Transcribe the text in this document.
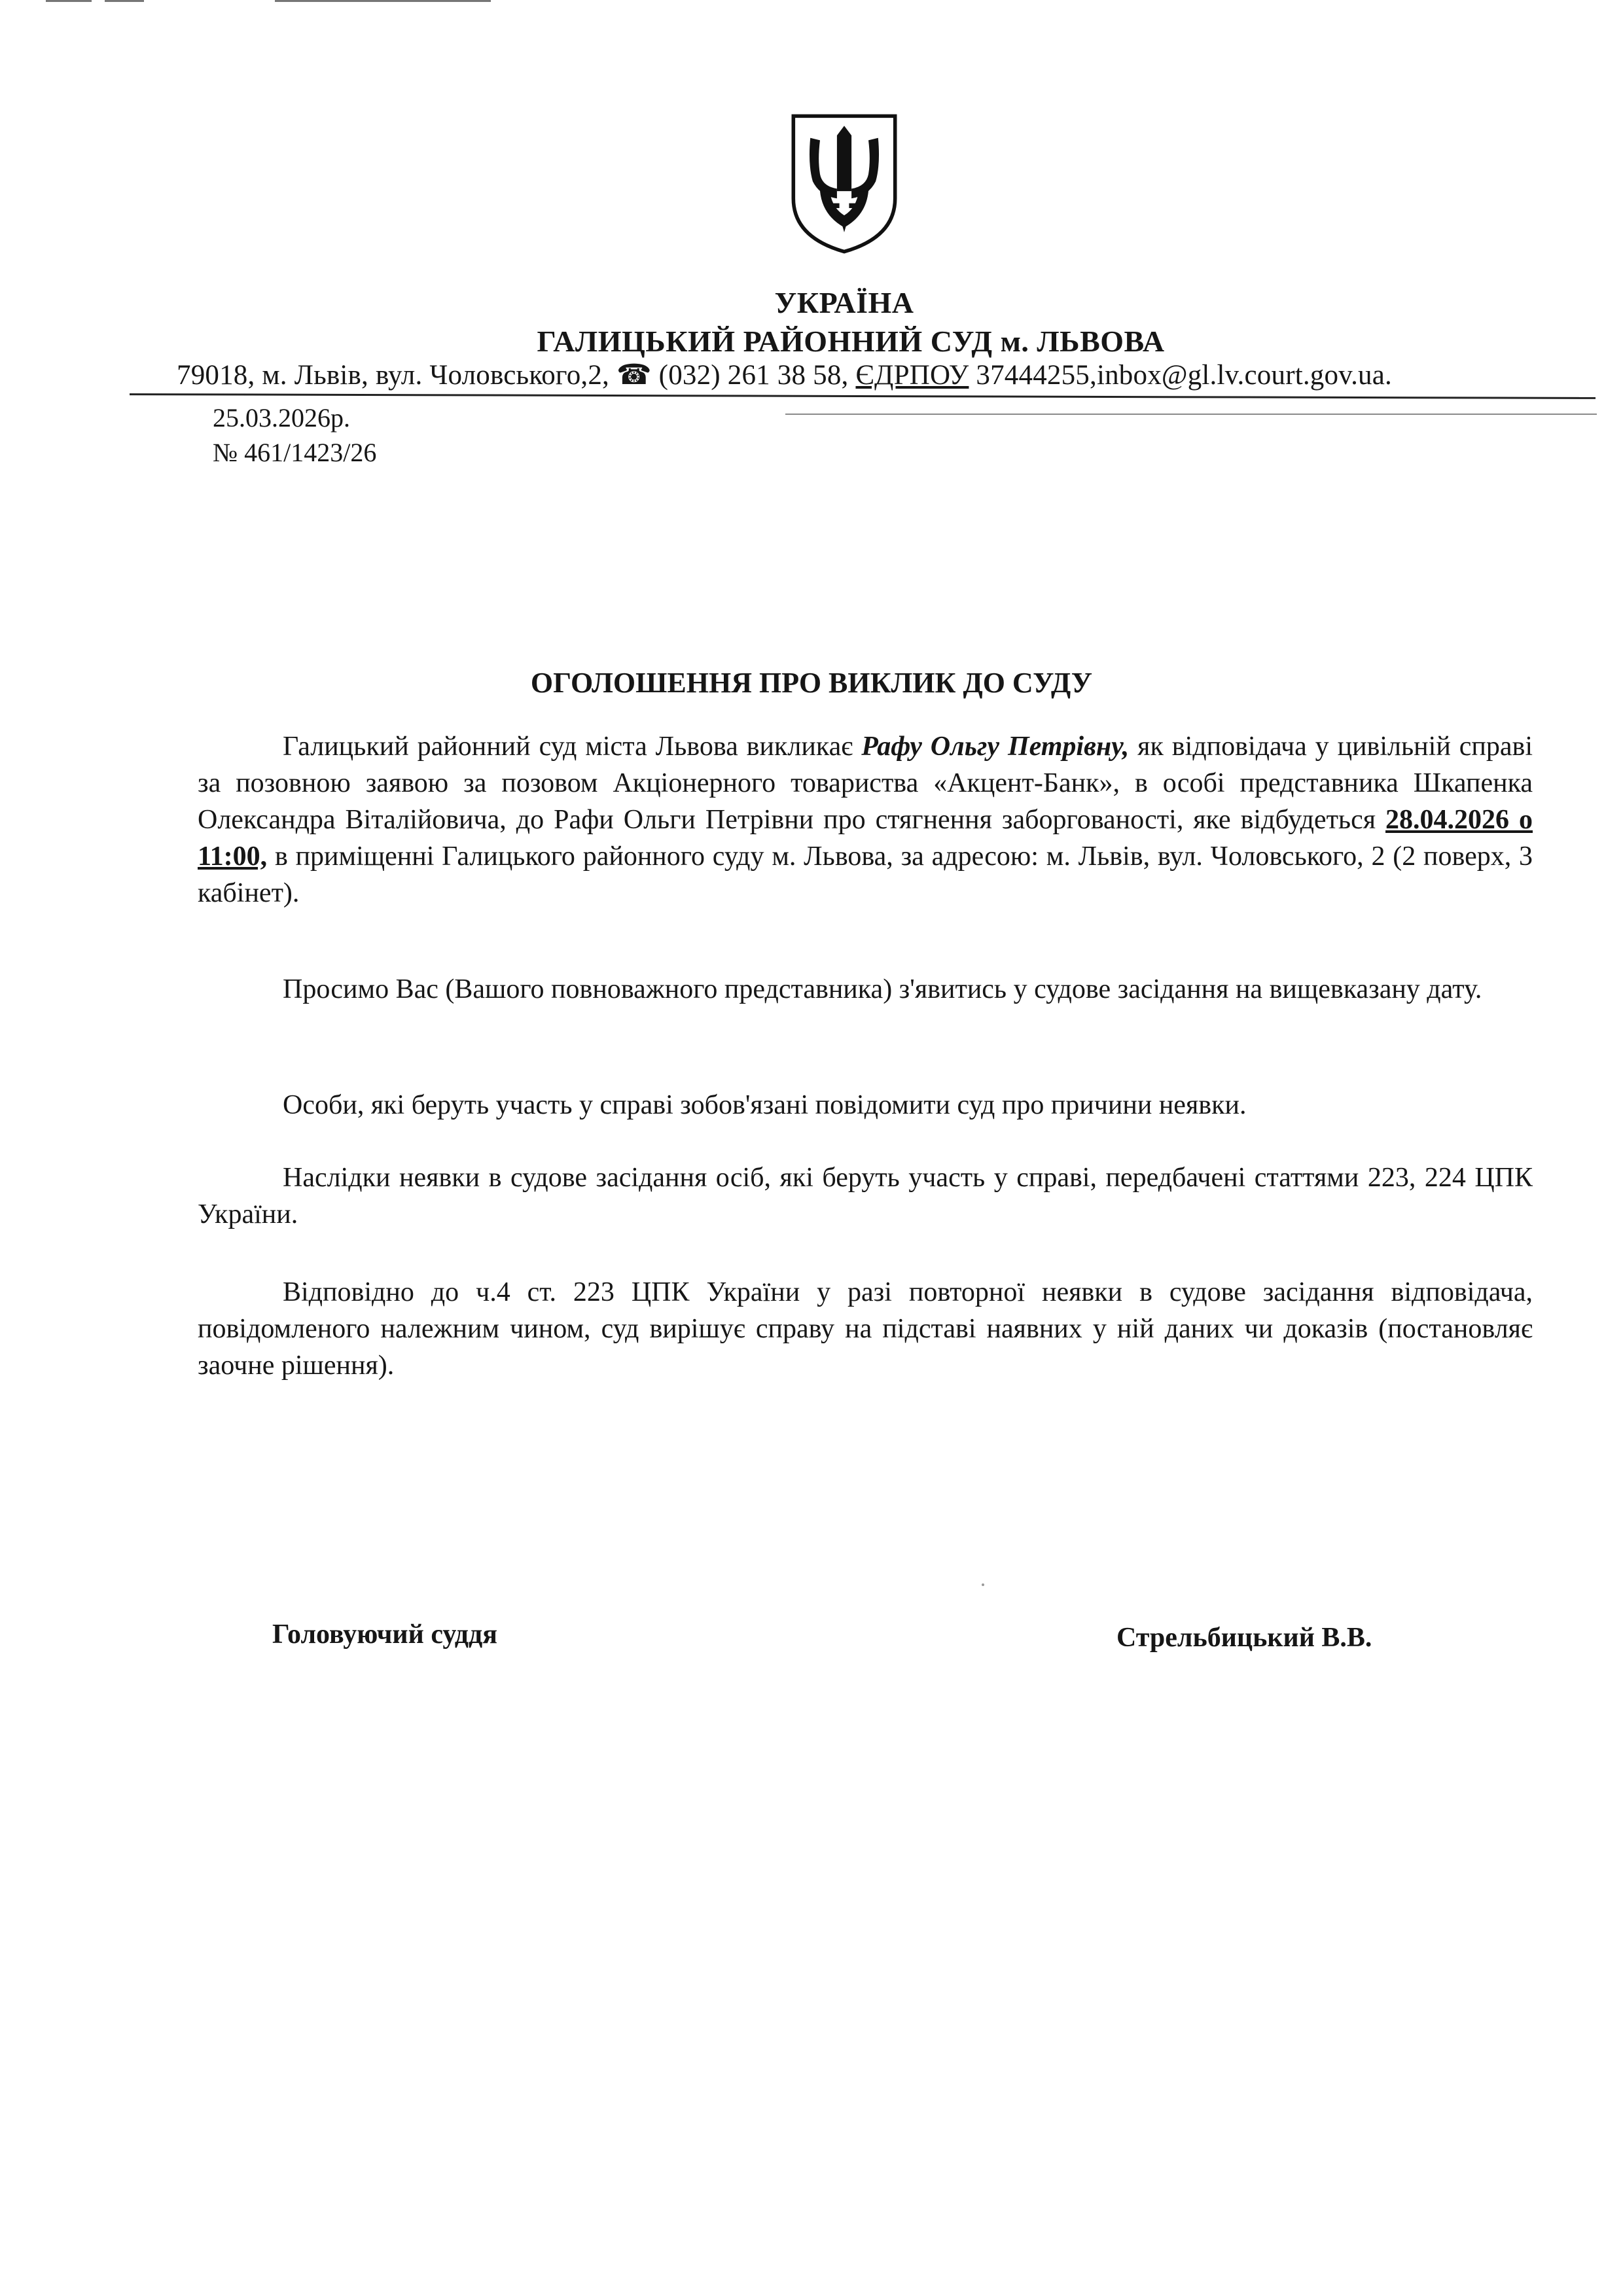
УКРАЇНА
ГАЛИЦЬКИЙ РАЙОННИЙ СУД м. ЛЬВОВА
79018, м. Львів, вул. Чоловського,2, ☎ (032) 261 38 58, ЄДРПОУ 37444255,inbox@gl.lv.court.gov.ua.
25.03.2026р.
№ 461/1423/26
ОГОЛОШЕННЯ ПРО ВИКЛИК ДО СУДУ

Галицький районний суд міста Львова викликає Рафу Ольгу Петрівну, як відповідача у цивільній справі за позовною заявою за позовом Акціонерного товариства «Акцент-Банк», в особі представника Шкапенка Олександра Віталійовича, до Рафи Ольги Петрівни про стягнення заборгованості, яке відбудеться 28.04.2026 о 11:00, в приміщенні Галицького районного суду м. Львова, за адресою: м. Львів, вул. Чоловського, 2 (2 поверх, 3 кабінет).

Просимо Вас (Вашого повноважного представника) з'явитись у судове засідання на вищевказану дату.

Особи, які беруть участь у справі зобов'язані повідомити суд про причини неявки.

Наслідки неявки в судове засідання осіб, які беруть участь у справі, передбачені статтями 223, 224 ЦПК України.

Відповідно до ч.4 ст. 223 ЦПК України у разі повторної неявки в судове засідання відповідача, повідомленого належним чином, суд вирішує справу на підставі наявних у ній даних чи доказів (постановляє заочне рішення).

Головуючий суддя	Стрельбицький В.В.
